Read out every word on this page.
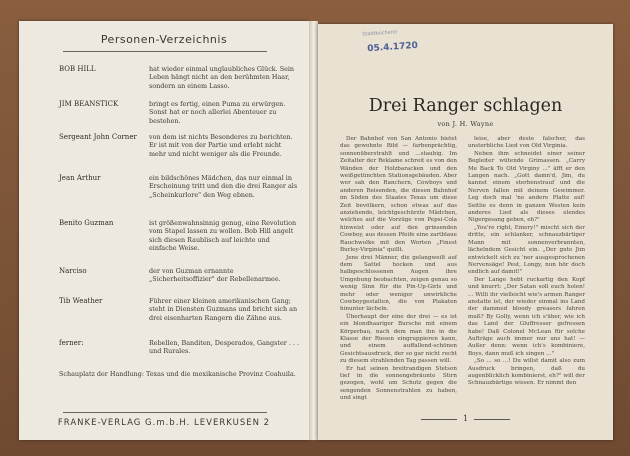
Personen-Verzeichnis
BOB HILL	hat wieder einmal unglaubliches Glück. Sein Leben hängt nicht an den berühmten Haar, sondern an einem Lasso.
JIM BEANSTICK	bringt es fertig, einen Puma zu erwürgen. Sonst hat er noch allerlei Abenteuer zu bestehen.
Sergeant John Corner	von dem ist nichts Besonderes zu berichten. Er ist mit von der Partie und erlebt nicht mehr und nicht weniger als die Freunde.
Jean Arthur	ein bildschönes Mädchen, das nur einmal in Erscheinung tritt und den die drei Ranger als „Scheinkurlore" den Weg ebnen.
Benito Guzman	ist größenwahnsinnig genug, eine Revolution vom Stapel lassen zu wollen. Bob Hill angelt sich diesen Raublisch auf leichte und einfache Weise.
Narciso	der von Guzman ernannte „Sicherheitsoffizier" der Rebellenarmee.
Tib Weather	Führer einer kleinen amerikanischen Gang; steht in Diensten Guzmans und bricht sich an drei eisenharten Rangern die Zähne aus.
ferner:	Rebellen, Banditen, Desperados, Gangster . . . und Rurales.
Schauplatz der Handlung: Texas und die mexikanische Provinz Coahuila.
FRANKE-VERLAG G.m.b.H. LEVERKUSEN 2
Stadtbücherei
05.4.1720
Drei Ranger schlagen
von J. H. Wayne

Der Bahnhof von San Antonio bietet das gewohnte Bild — farbenprächtig, sonnenüberstrahlt und ...staubig. Im Zeitalter der Reklame schreit es von den Wänden der Holzbaracken und den weißgetünchten Stationsgebäuden. Aber wer sah den Ranchern, Cowboys und anderen Reisenden, die diesen Bahnhof im Süden des Staates Texas um diese Zeit bevölkern, schon etwas auf das anziehende, leichtgeschürzte Mädchen, welches auf die Vorzüge von Pepsi-Cola hinweist oder auf den grinsenden Cowboy, aus dessen Pfeife eine zartblaue Rauchwolke mit den Worten „Finest Burley-Virginia" quillt.

Jene drei Männer, die gelangweilt auf dem Sattel hocken und aus halbgeschlossenen Augen ihre Umgebung beobachten, zeigen genau so wenig Sinn für die Pin-Up-Girls und mehr oder weniger unwirkliche Cowboygestalten, die von Plakaten hinunter lächeln.

Überhaupt der eine der drei — es ist ein blondhaariger Bursche mit einem Körperbau, nach dem man ihn in die Klasse der Riesen eingruppieren kann, und einem auffallend-schönen Gesichtsausdruck, der so gar nicht recht zu diesem strahlenden Tag passen will.

Er hat seinen breitrandigen Stetson tief in die sonnengebräunte Stirn gezogen, wohl um Schutz gegen die sengenden Sonnenstrahlen zu haben, und singt

leise, aber deste falscher, das unsterbliche Lied von Old Virginia.

Neben ihm schneidet einer seiner Begleiter wütende Grimassen. „Carry Me Back To Old Virginy ..." äfft er den Langen nach. „Gott damn'd, Jim, du kannst einem sterbenstrauf und die Nerven fallen mit deinem Gewimmer. Leg doch mal 'ne andere Platte auf! Seitlie es denn in ganzen Westen kein anderes Lied als dieses elendes Nigergesang geben, eh?"

„You're right, Emery!" mischt sich der dritte, ein schlanker, schnauzbärtiger Mann mit sonnenverbrannten, lächelndem Gesicht ein. „Der gute Jim entwickelt sich zu 'ner ausgesprochenen Nervensäge! Pest, Longy, nun hör doch endlich auf damit!"

Der Lange hebt ruckartig den Kopf und knurrt: „Der Satan soll euch holen! ... Willi ihr vielleicht wie's armen Ranger anstatte ist, der wieder einmal ins Land der dammed bloody greasers fahren muß? By Golly, wenn ich s'über, wie ich das Land der Gluffresser gefressen habe! Daß Colonel McLean für solche Aufträge auch immer nur uns hat! — Außer denn: wenn ich's kombiniere, Boys, dann muß ich singen ..."

„So ... so ...! Du willst damit also zum Ausdruck bringen, daß du augenblicklich kombinierst, eh?" will der Schnauzbärtige wissen. Er nimmt den

1
